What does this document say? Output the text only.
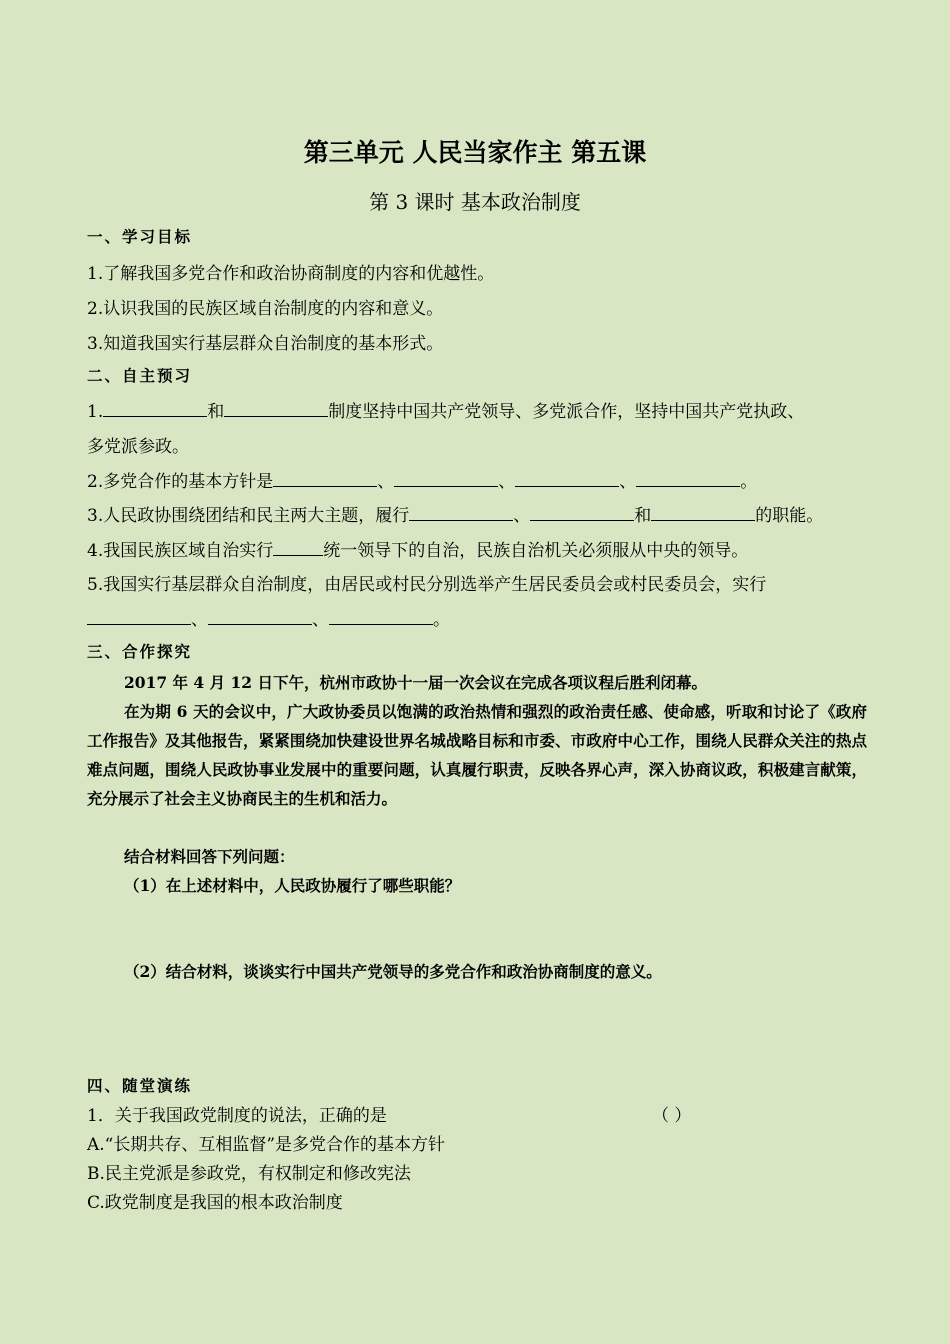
第三单元 人民当家作主 第五课
第 3 课时 基本政治制度
一、学习目标
1.了解我国多党合作和政治协商制度的内容和优越性。
2.认识我国的民族区域自治制度的内容和意义。
3.知道我国实行基层群众自治制度的基本形式。
二、自主预习
1.	和	制度坚持中国共产党领导、多党派合作，坚持中国共产党执政、
多党派参政。
2.多党合作的基本方针是	、	、	、	。
3.人民政协围绕团结和民主两大主题，履行	、	和	的职能。
4.我国民族区域自治实行	统一领导下的自治，民族自治机关必须服从中央的领导。
5.我国实行基层群众自治制度，由居民或村民分别选举产生居民委员会或村民委员会，实行
、	、	。
三、合作探究
2017 年 4 月 12 日下午，杭州市政协十一届一次会议在完成各项议程后胜利闭幕。
在为期 6 天的会议中，广大政协委员以饱满的政治热情和强烈的政治责任感、使命感，听取和讨论了《政府工作报告》及其他报告，紧紧围绕加快建设世界名城战略目标和市委、市政府中心工作，围绕人民群众关注的热点难点问题，围绕人民政协事业发展中的重要问题，认真履行职责，反映各界心声，深入协商议政，积极建言献策，充分展示了社会主义协商民主的生机和活力。
结合材料回答下列问题：
（1）在上述材料中，人民政协履行了哪些职能？
（2）结合材料，谈谈实行中国共产党领导的多党合作和政治协商制度的意义。
四、随堂演练
1．关于我国政党制度的说法，正确的是	（ ）
A.“长期共存、互相监督”是多党合作的基本方针
B.民主党派是参政党，有权制定和修改宪法
C.政党制度是我国的根本政治制度
